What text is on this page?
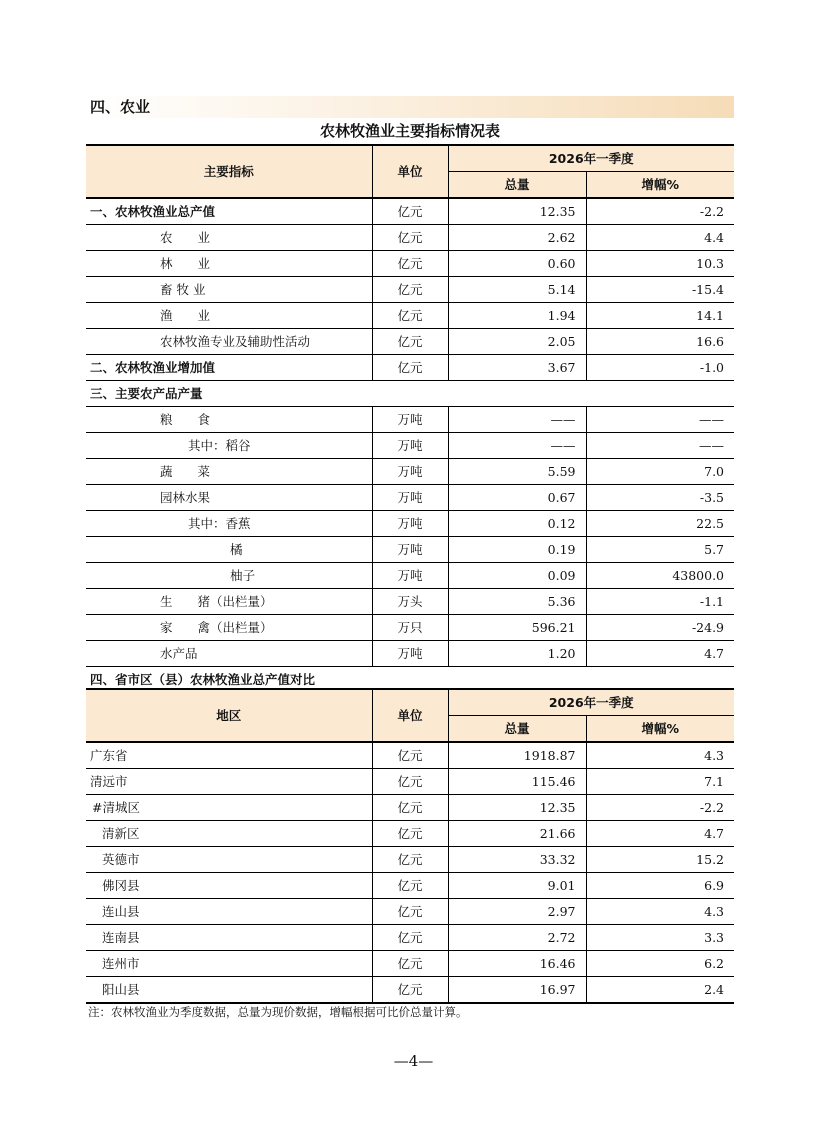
四、农业
农林牧渔业主要指标情况表
主要指标	单位	2026年一季度	
		总量	增幅%
一、农林牧渔业总产值	亿元	12.35	-2.2
农　　业	亿元	2.62	4.4
林　　业	亿元	0.60	10.3
畜 牧 业	亿元	5.14	-15.4
渔　　业	亿元	1.94	14.1
农林牧渔专业及辅助性活动	亿元	2.05	16.6
二、农林牧渔业增加值	亿元	3.67	-1.0
三、主要农产品产量			
粮　　食	万吨	——	——
其中：稻谷	万吨	——	——
蔬　　菜	万吨	5.59	7.0
园林水果	万吨	0.67	-3.5
其中：香蕉	万吨	0.12	22.5
橘	万吨	0.19	5.7
柚子	万吨	0.09	43800.0
生　　猪（出栏量）	万头	5.36	-1.1
家　　禽（出栏量）	万只	596.21	-24.9
水产品	万吨	1.20	4.7
四、省市区（县）农林牧渔业总产值对比			
地区	单位	2026年一季度	
		总量	增幅%
广东省	亿元	1918.87	4.3
清远市	亿元	115.46	7.1
#清城区	亿元	12.35	-2.2
清新区	亿元	21.66	4.7
英德市	亿元	33.32	15.2
佛冈县	亿元	9.01	6.9
连山县	亿元	2.97	4.3
连南县	亿元	2.72	3.3
连州市	亿元	16.46	6.2
阳山县	亿元	16.97	2.4
注：农林牧渔业为季度数据，总量为现价数据，增幅根据可比价总量计算。
—4—
